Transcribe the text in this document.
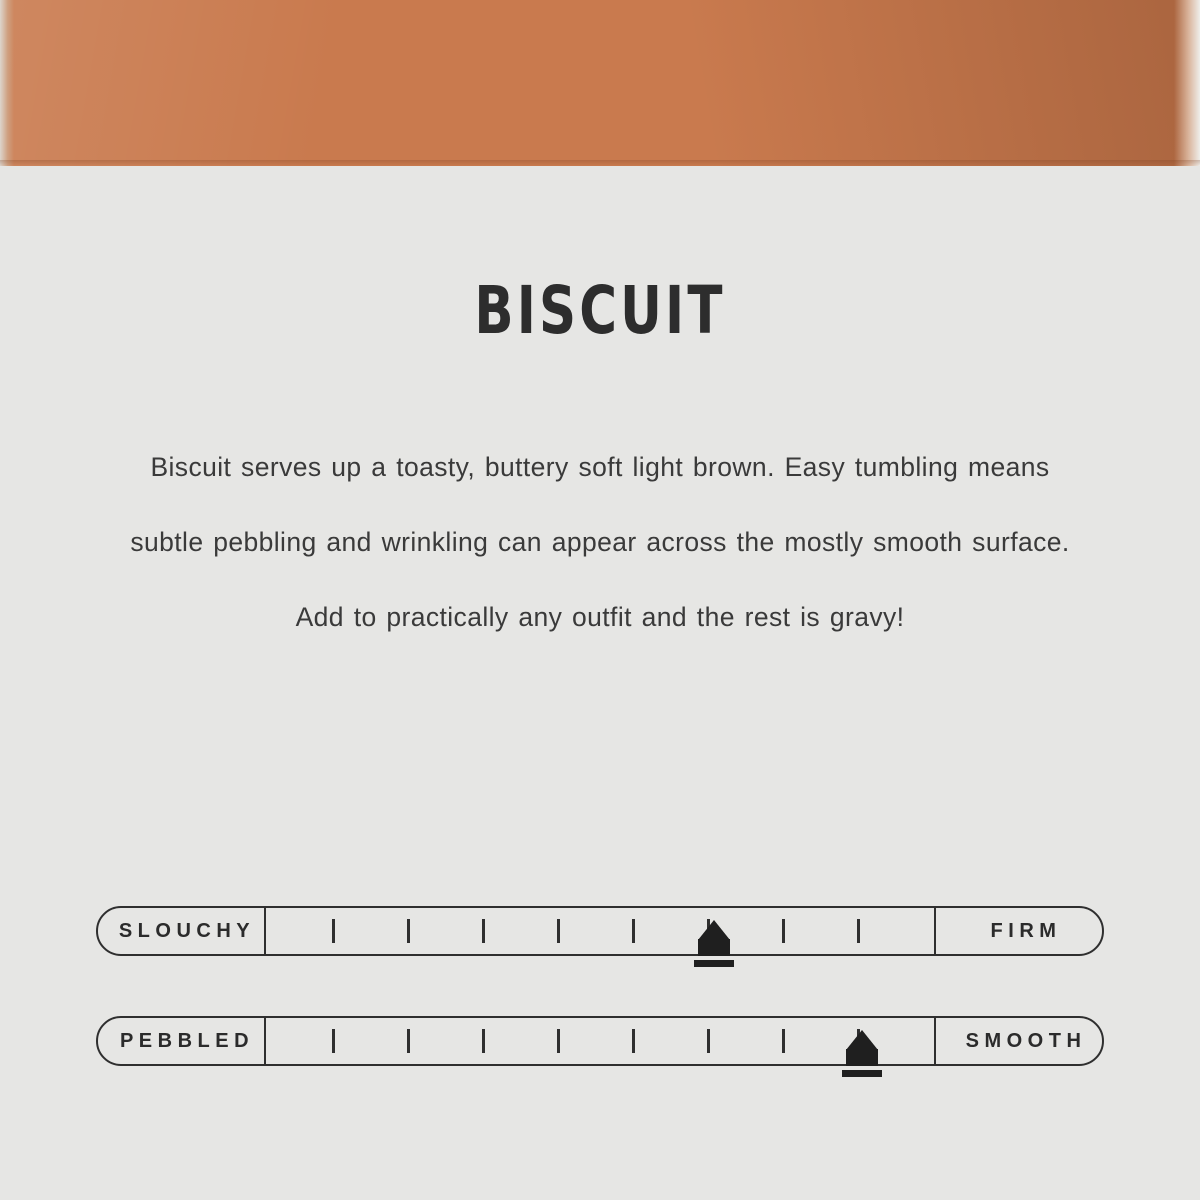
BISCUIT
Biscuit serves up a toasty, buttery soft light brown. Easy tumbling means subtle pebbling and wrinkling can appear across the mostly smooth surface. Add to practically any outfit and the rest is gravy!
SLOUCHY	FIRM
PEBBLED	SMOOTH
